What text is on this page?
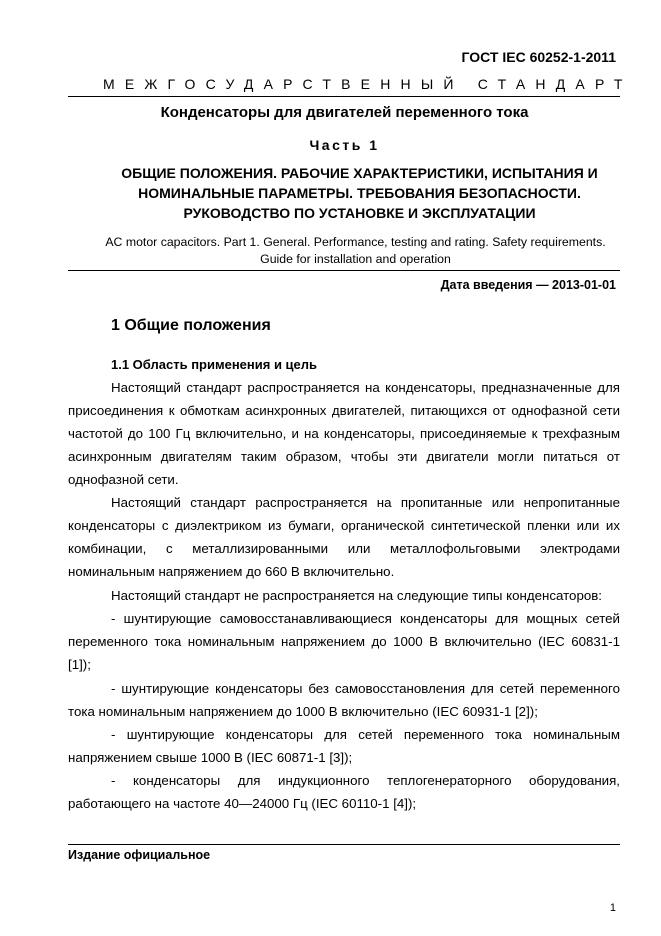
ГОСТ IEC 60252-1-2011
МЕЖГОСУДАРСТВЕННЫЙ СТАНДАРТ
Конденсаторы для двигателей переменного тока
Часть 1
ОБЩИЕ ПОЛОЖЕНИЯ. РАБОЧИЕ ХАРАКТЕРИСТИКИ, ИСПЫТАНИЯ И НОМИНАЛЬНЫЕ ПАРАМЕТРЫ. ТРЕБОВАНИЯ БЕЗОПАСНОСТИ. РУКОВОДСТВО ПО УСТАНОВКЕ И ЭКСПЛУАТАЦИИ
AC motor capacitors. Part 1. General. Performance, testing and rating. Safety requirements. Guide for installation and operation
Дата введения — 2013-01-01
1 Общие положения
1.1 Область применения и цель
Настоящий стандарт распространяется на конденсаторы, предназначенные для присоединения к обмоткам асинхронных двигателей, питающихся от однофазной сети частотой до 100 Гц включительно, и на конденсаторы, присоединяемые к трехфазным асинхронным двигателям таким образом, чтобы эти двигатели могли питаться от однофазной сети.
Настоящий стандарт распространяется на пропитанные или непропитанные конденсаторы с диэлектриком из бумаги, органической синтетической пленки или их комбинации, с металлизированными или металлофольговыми электродами номинальным напряжением до 660 В включительно.
Настоящий стандарт не распространяется на следующие типы конденсаторов:
- шунтирующие самовосстанавливающиеся конденсаторы для мощных сетей переменного тока номинальным напряжением до 1000 В включительно (IEC 60831-1 [1]);
- шунтирующие конденсаторы без самовосстановления для сетей переменного тока номинальным напряжением до 1000 В включительно (IEC 60931-1 [2]);
- шунтирующие конденсаторы для сетей переменного тока номинальным напряжением свыше 1000 В (IEC 60871-1 [3]);
- конденсаторы для индукционного теплогенераторного оборудования, работающего на частоте 40—24000 Гц (IEC 60110-1 [4]);
Издание официальное
1
